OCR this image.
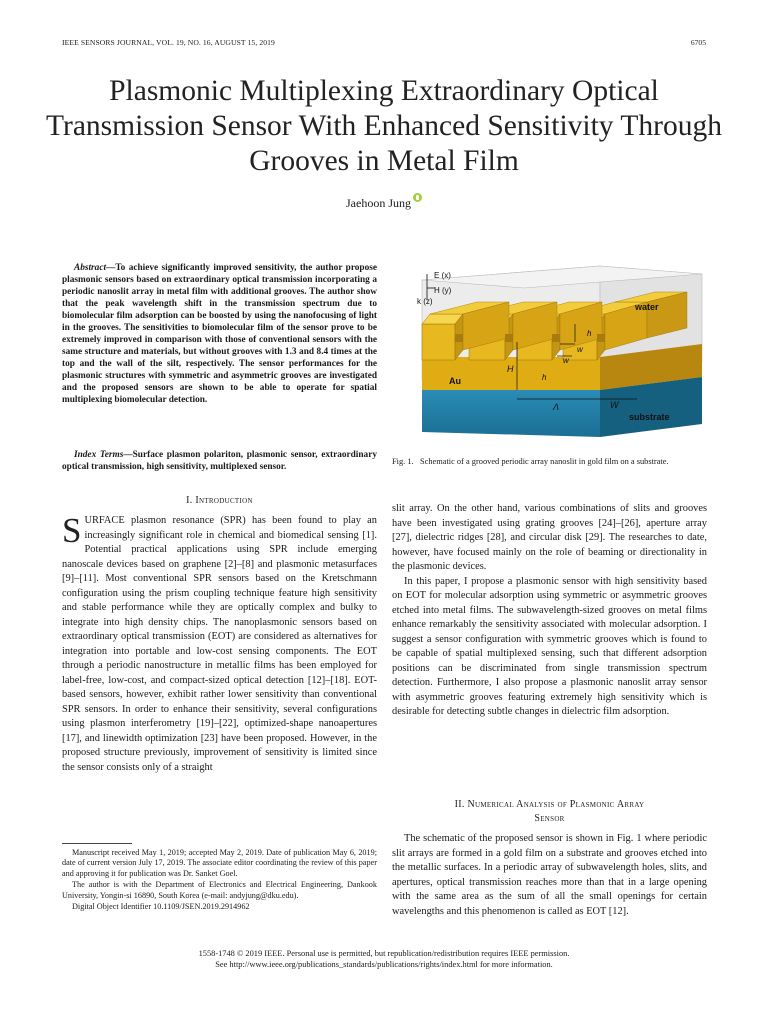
IEEE SENSORS JOURNAL, VOL. 19, NO. 16, AUGUST 15, 2019	6705
Plasmonic Multiplexing Extraordinary Optical Transmission Sensor With Enhanced Sensitivity Through Grooves in Metal Film
Jaehoon Jung
Abstract—To achieve significantly improved sensitivity, the author propose plasmonic sensors based on extraordinary optical transmission incorporating a periodic nanoslit array in metal film with additional grooves. The author show that the peak wavelength shift in the transmission spectrum due to biomolecular film adsorption can be boosted by using the nanofocusing of light in the grooves. The sensitivities to biomolecular film of the sensor prove to be extremely improved in comparison with those of conventional sensors with the same structure and materials, but without grooves with 1.3 and 8.4 times at the top and the wall of the silt, respectively. The sensor performances for the plasmonic structures with symmetric and asymmetric grooves are investigated and the proposed sensors are shown to be able to operate for spatial multiplexing biomolecular detection.
Index Terms—Surface plasmon polariton, plasmonic sensor, extraordinary optical transmission, high sensitivity, multiplexed sensor.
I. Introduction
SURFACE plasmon resonance (SPR) has been found to play an increasingly significant role in chemical and biomedical sensing [1]. Potential practical applications using SPR include emerging nanoscale devices based on graphene [2]–[8] and plasmonic metasurfaces [9]–[11]. Most conventional SPR sensors based on the Kretschmann configuration using the prism coupling technique feature high sensitivity and stable performance while they are optically complex and bulky to integrate into high density chips. The nanoplasmonic sensors based on extraordinary optical transmission (EOT) are considered as alternatives for integration into portable and low-cost sensing components. The EOT through a periodic nanostructure in metallic films has been employed for label-free, low-cost, and compact-sized optical detection [12]–[18]. EOT-based sensors, however, exhibit rather lower sensitivity than conventional SPR sensors. In order to enhance their sensitivity, several configurations using plasmon interferometry [19]–[22], optimized-shape nanoapertures [17], and linewidth optimization [23] have been proposed. However, in the proposed structure previously, improvement of sensitivity is limited since the sensor consists only of a straight

Manuscript received May 1, 2019; accepted May 2, 2019. Date of publication May 6, 2019; date of current version July 17, 2019. The associate editor coordinating the review of this paper and approving it for publication was Dr. Sanket Goel.

The author is with the Department of Electronics and Electrical Engineering, Dankook University, Yongin-si 16890, South Korea (e-mail: andyjung@dku.edu).

Digital Object Identifier 10.1109/JSEN.2019.2914962

E (x)
H (y)
k (z)
water
Au
substrate
H
h
w
w
h
W
Λ
Fig. 1. Schematic of a grooved periodic array nanoslit in gold film on a substrate.

slit array. On the other hand, various combinations of slits and grooves have been investigated using grating grooves [24]–[26], aperture array [27], dielectric ridges [28], and circular disk [29]. The researches to date, however, have focused mainly on the role of beaming or directionality in the plasmonic devices.

In this paper, I propose a plasmonic sensor with high sensitivity based on EOT for molecular adsorption using symmetric or asymmetric grooves etched into metal films. The subwavelength-sized grooves on metal films enhance remarkably the sensitivity associated with molecular adsorption. I suggest a sensor configuration with symmetric grooves which is found to be capable of spatial multiplexed sensing, such that different adsorption positions can be discriminated from single transmission spectrum detection. Furthermore, I also propose a plasmonic nanoslit array sensor with asymmetric grooves featuring extremely high sensitivity which is desirable for detecting subtle changes in dielectric film adsorption.

II. Numerical Analysis of Plasmonic Array
Sensor

The schematic of the proposed sensor is shown in Fig. 1 where periodic slit arrays are formed in a gold film on a substrate and grooves etched into the metallic surfaces. In a periodic array of subwavelength holes, slits, and apertures, optical transmission reaches more than that in a large opening with the same area as the sum of all the small openings for certain wavelengths and this phenomenon is called as EOT [12].

1558-1748 © 2019 IEEE. Personal use is permitted, but republication/redistribution requires IEEE permission.
See http://www.ieee.org/publications_standards/publications/rights/index.html for more information.
